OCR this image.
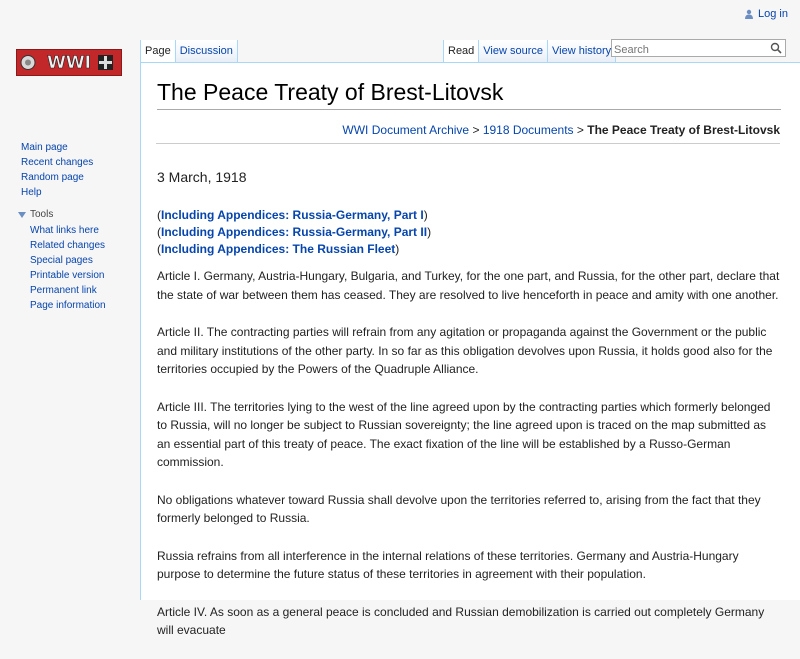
Log in
WWI
Page Discussion	Read View source View history
Search
Main page
Recent changes
Random page
Help
Tools
What links here
Related changes
Special pages
Printable version
Permanent link
Page information
The Peace Treaty of Brest-Litovsk
WWI Document Archive > 1918 Documents > The Peace Treaty of Brest-Litovsk
3 March, 1918
(Including Appendices: Russia-Germany, Part I)
(Including Appendices: Russia-Germany, Part II)
(Including Appendices: The Russian Fleet)

Article I. Germany, Austria-Hungary, Bulgaria, and Turkey, for the one part, and Russia, for the other part, declare that the state of war between them has ceased. They are resolved to live henceforth in peace and amity with one another.

Article II. The contracting parties will refrain from any agitation or propaganda against the Government or the public and military institutions of the other party. In so far as this obligation devolves upon Russia, it holds good also for the territories occupied by the Powers of the Quadruple Alliance.

Article III. The territories lying to the west of the line agreed upon by the contracting parties which formerly belonged to Russia, will no longer be subject to Russian sovereignty; the line agreed upon is traced on the map submitted as an essential part of this treaty of peace. The exact fixation of the line will be established by a Russo-German commission.

No obligations whatever toward Russia shall devolve upon the territories referred to, arising from the fact that they formerly belonged to Russia.

Russia refrains from all interference in the internal relations of these territories. Germany and Austria-Hungary purpose to determine the future status of these territories in agreement with their population.

Article IV. As soon as a general peace is concluded and Russian demobilization is carried out completely Germany will evacuate
